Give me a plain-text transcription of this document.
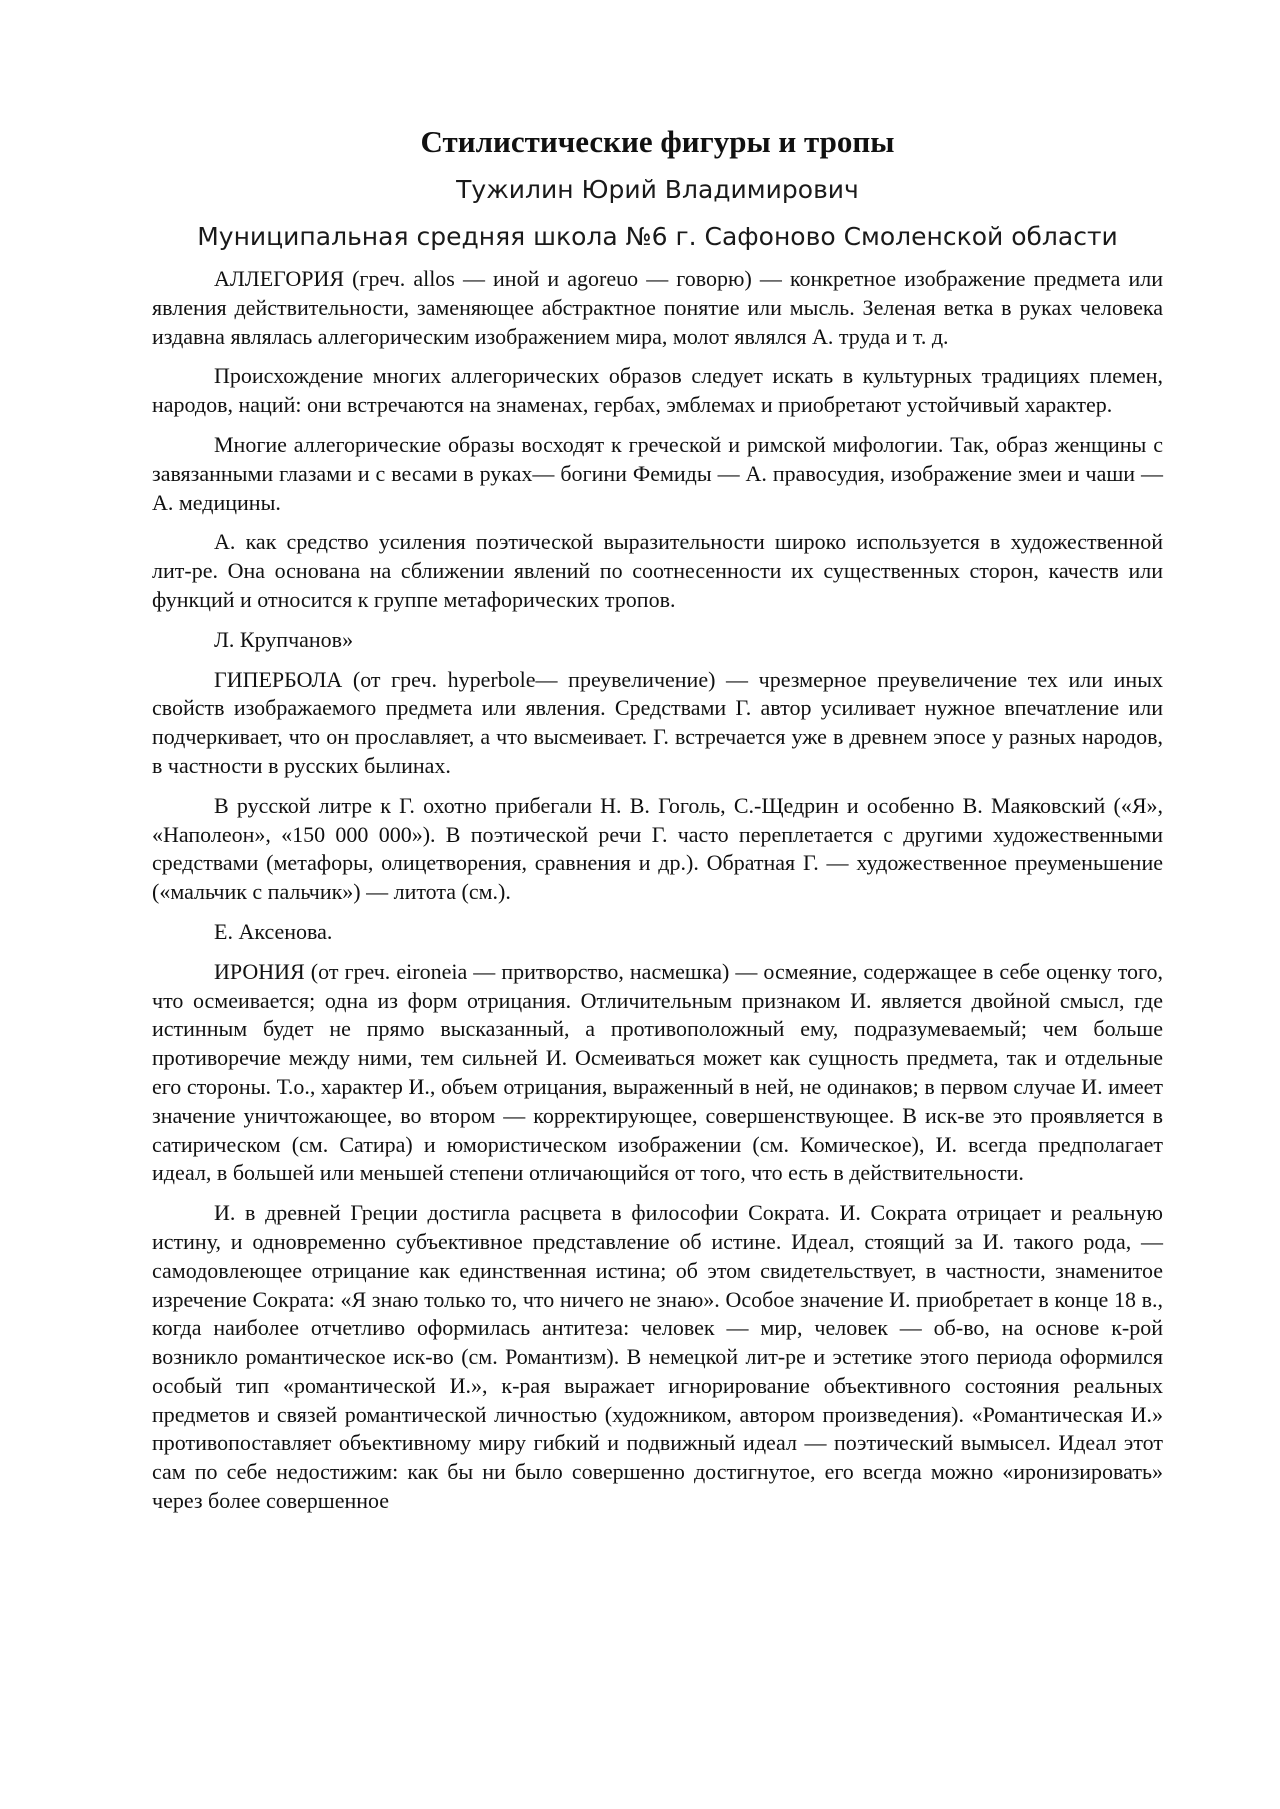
Стилистические фигуры и тропы
Тужилин Юрий Владимирович
Муниципальная средняя школа №6 г. Сафоново Смоленской области

АЛЛЕГОРИЯ (греч. allos — иной и agoreuo — говорю) — конкретное изображение предмета или явления действительности, заменяющее абстрактное понятие или мысль. Зеленая ветка в руках человека издавна являлась аллегорическим изображением мира, молот являлся А. труда и т. д.

Происхождение многих аллегорических образов следует искать в культурных традициях племен, народов, наций: они встречаются на знаменах, гербах, эмблемах и приобретают устойчивый характер.

Многие аллегорические образы восходят к греческой и римской мифологии. Так, образ женщины с завязанными глазами и с весами в руках— богини Фемиды — А. правосудия, изображение змеи и чаши — А. медицины.

А. как средство усиления поэтической выразительности широко используется в художественной лит-ре. Она основана на сближении явлений по соотнесенности их существенных сторон, качеств или функций и относится к группе метафорических тропов.

Л. Крупчанов»

ГИПЕРБОЛА (от греч. hyperbole— преувеличение) — чрезмерное преувеличение тех или иных свойств изображаемого предмета или явления. Средствами Г. автор усиливает нужное впечатление или подчеркивает, что он прославляет, а что высмеивает. Г. встречается уже в древнем эпосе у разных народов, в частности в русских былинах.

В русской литре к Г. охотно прибегали Н. В. Гоголь, С.-Щедрин и особенно В. Маяковский («Я», «Наполеон», «150 000 000»). В поэтической речи Г. часто переплетается с другими художественными средствами (метафоры, олицетворения, сравнения и др.). Обратная Г. — художественное преуменьшение («мальчик с пальчик») — литота (см.).

Е. Аксенова.

ИРОНИЯ (от греч. eironeia — притворство, насмешка) — осмеяние, содержащее в себе оценку того, что осмеивается; одна из форм отрицания. Отличительным признаком И. является двойной смысл, где истинным будет не прямо высказанный, а противоположный ему, подразумеваемый; чем больше противоречие между ними, тем сильней И. Осмеиваться может как сущность предмета, так и отдельные его стороны. Т.о., характер И., объем отрицания, выраженный в ней, не одинаков; в первом случае И. имеет значение уничтожающее, во втором — корректирующее, совершенствующее. В иск-ве это проявляется в сатирическом (см. Сатира) и юмористическом изображении (см. Комическое), И. всегда предполагает идеал, в большей или меньшей степени отличающийся от того, что есть в действительности.

И. в древней Греции достигла расцвета в философии Сократа. И. Сократа отрицает и реальную истину, и одновременно субъективное представление об истине. Идеал, стоящий за И. такого рода, — самодовлеющее отрицание как единственная истина; об этом свидетельствует, в частности, знаменитое изречение Сократа: «Я знаю только то, что ничего не знаю». Особое значение И. приобретает в конце 18 в., когда наиболее отчетливо оформилась антитеза: человек — мир, человек — об-во, на основе к-рой возникло романтическое иск-во (см. Романтизм). В немецкой лит-ре и эстетике этого периода оформился особый тип «романтической И.», к-рая выражает игнорирование объективного состояния реальных предметов и связей романтической личностью (художником, автором произведения). «Романтическая И.» противопоставляет объективному миру гибкий и подвижный идеал — поэтический вымысел. Идеал этот сам по себе недостижим: как бы ни было совершенно достигнутое, его всегда можно «иронизировать» через более совершенное
